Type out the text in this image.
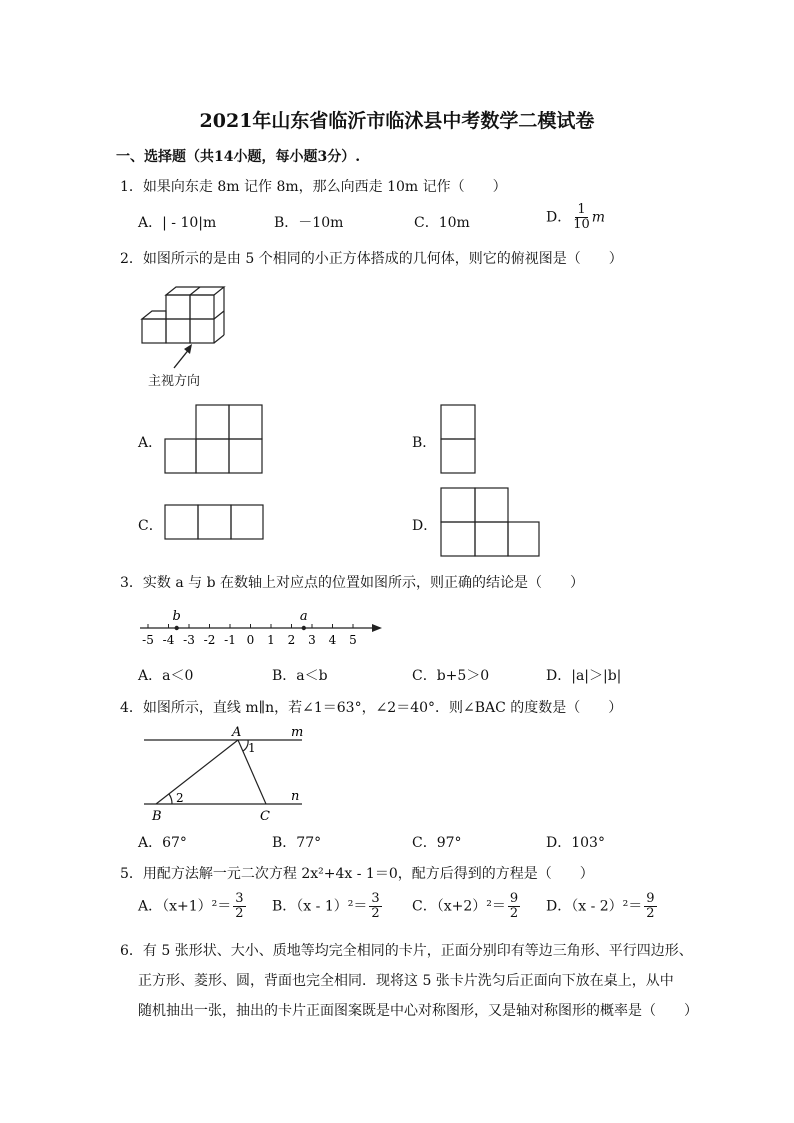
2021年山东省临沂市临沭县中考数学二模试卷
一、选择题（共14小题，每小题3分）.
1．如果向东走 8m 记作 8m，那么向西走 10m 记作（　　）
A．| - 10|m	B．－10m	C．10m	D． $\frac{1}{10}$ m
2．如图所示的是由 5 个相同的小正方体搭成的几何体，则它的俯视图是（　　）
主视方向
A．	B．
C．	D．
3．实数 a 与 b 在数轴上对应点的位置如图所示，则正确的结论是（　　）
-5 -4 -3 -2 -1 0 1 2 3 4 5
b	a
A．a＜0	B．a＜b	C．b+5＞0	D．|a|＞|b|
4．如图所示，直线 m∥n，若∠1＝63°，∠2＝40°．则∠BAC 的度数是（　　）
A
1
m
2	n
B	C
A．67°	B．77°	C．97°	D．103°
5．用配方法解一元二次方程 2x²+4x - 1＝0，配方后得到的方程是（　　）
A．$(x+1)^2= \frac{3}{2}$ B．$(x - 1)^2= \frac{3}{2}$ C．$(x+2)^2= \frac{9}{2}$ D．$(x - 2)^2= \frac{9}{2}$
6．有 5 张形状、大小、质地等均完全相同的卡片，正面分别印有等边三角形、平行四边形、
正方形、菱形、圆，背面也完全相同．现将这 5 张卡片洗匀后正面向下放在桌上，从中
随机抽出一张，抽出的卡片正面图案既是中心对称图形，又是轴对称图形的概率是（　　）
